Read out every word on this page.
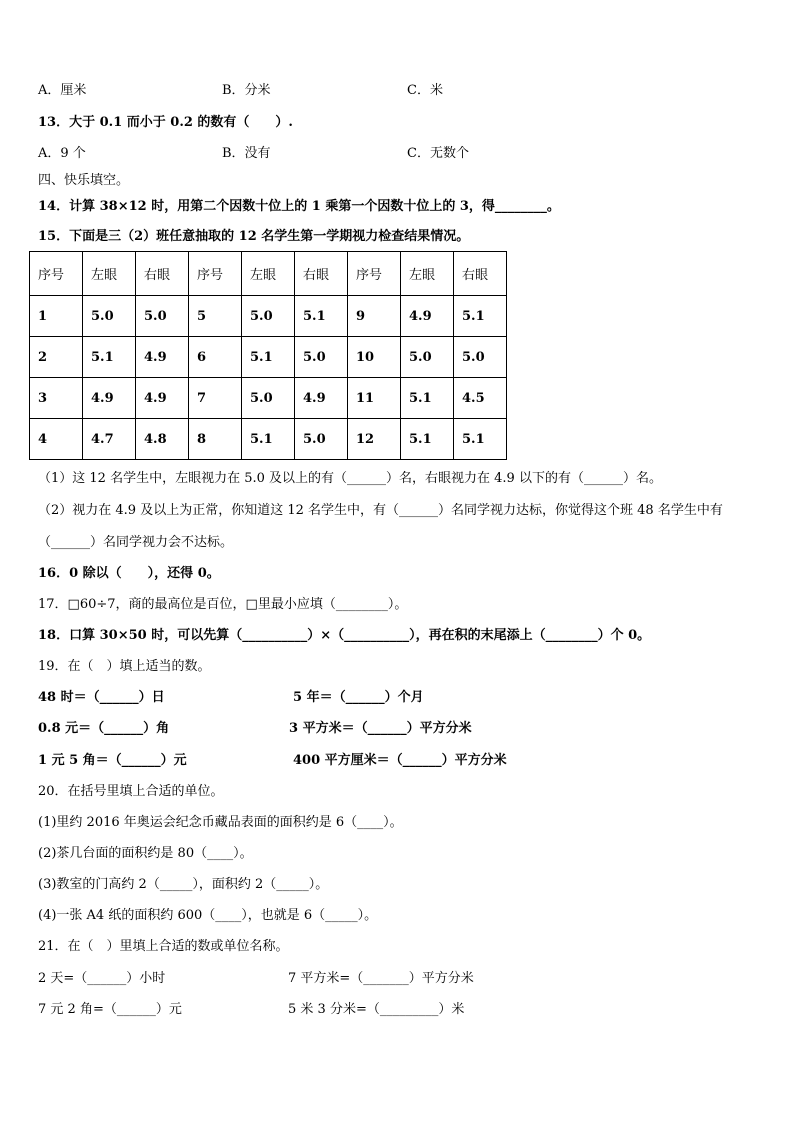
A．厘米	B．分米	C．米
13．大于 0.1 而小于 0.2 的数有（　　）.
A．9 个	B．没有	C．无数个
四、快乐填空。
14．计算 38×12 时，用第二个因数十位上的 1 乘第一个因数十位上的 3，得________。
15．下面是三（2）班任意抽取的 12 名学生第一学期视力检查结果情况。
序号	左眼	右眼	序号	左眼	右眼	序号	左眼	右眼
1	5.0	5.0	5	5.0	5.1	9	4.9	5.1
2	5.1	4.9	6	5.1	5.0	10	5.0	5.0
3	4.9	4.9	7	5.0	4.9	11	5.1	4.5
4	4.7	4.8	8	5.1	5.0	12	5.1	5.1
（1）这 12 名学生中，左眼视力在 5.0 及以上的有（______）名，右眼视力在 4.9 以下的有（______）名。
（2）视力在 4.9 及以上为正常，你知道这 12 名学生中，有（______）名同学视力达标，你觉得这个班 48 名学生中有
（______）名同学视力会不达标。
16．0 除以（　　），还得 0。
17．□60÷7，商的最高位是百位，□里最小应填（________）。
18．口算 30×50 时，可以先算（__________）×（__________），再在积的末尾添上（________）个 0。
19．在（　）填上适当的数。
48 时＝（______）日	5 年＝（______）个月
0.8 元＝（______）角	3 平方米＝（______）平方分米
1 元 5 角＝（______）元	400 平方厘米＝（______）平方分米
20．在括号里填上合适的单位。
(1)里约 2016 年奥运会纪念币藏品表面的面积约是 6（____）。
(2)茶几台面的面积约是 80（____）。
(3)教室的门高约 2（_____），面积约 2（_____）。
(4)一张 A4 纸的面积约 600（____），也就是 6（_____）。
21．在（　）里填上合适的数或单位名称。
2 天=（______）小时	7 平方米=（_______）平方分米
7 元 2 角=（______）元	5 米 3 分米=（_________）米
